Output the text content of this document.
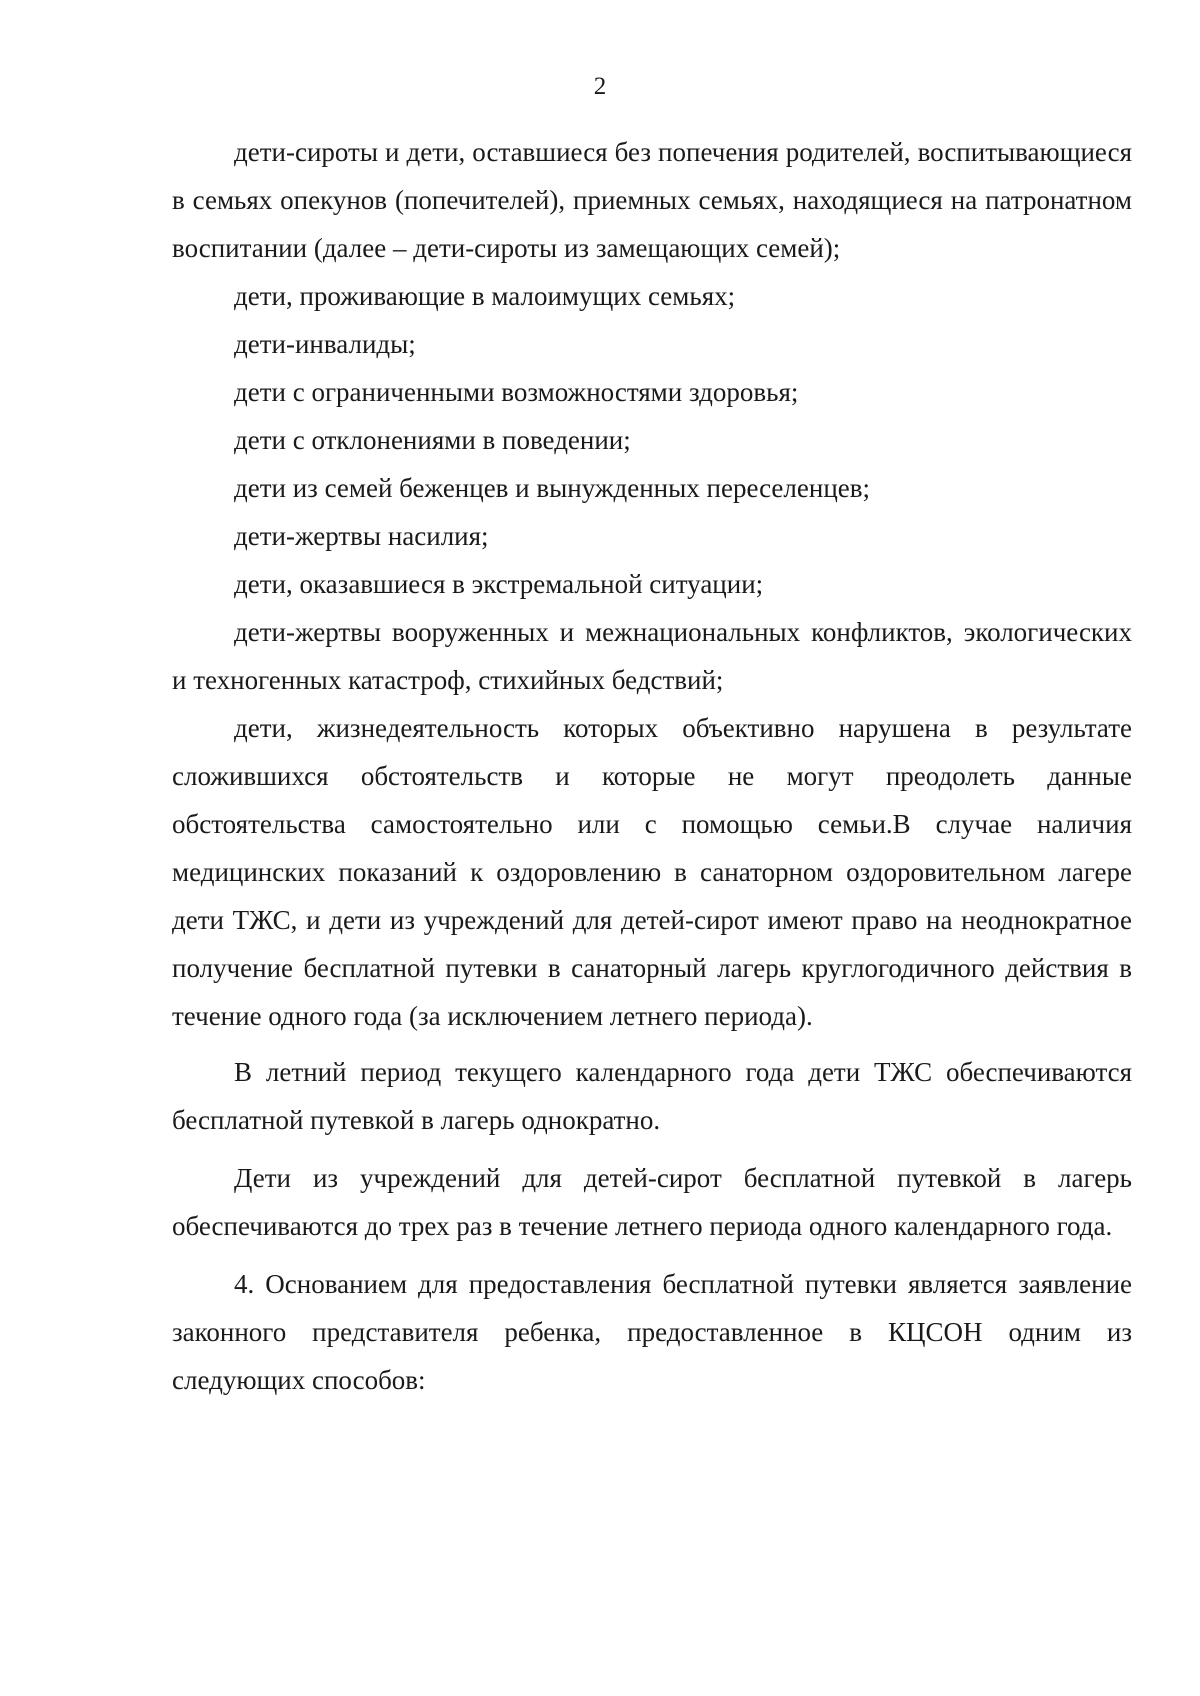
2

дети-сироты и дети, оставшиеся без попечения родителей, воспитывающиеся в семьях опекунов (попечителей), приемных семьях, находящиеся на патронатном воспитании (далее – дети-сироты из замещающих семей);

дети, проживающие в малоимущих семьях;

дети-инвалиды;

дети с ограниченными возможностями здоровья;

дети с отклонениями в поведении;

дети из семей беженцев и вынужденных переселенцев;

дети-жертвы насилия;

дети, оказавшиеся в экстремальной ситуации;

дети-жертвы вооруженных и межнациональных конфликтов, экологических и техногенных катастроф, стихийных бедствий;

дети, жизнедеятельность которых объективно нарушена в результате сложившихся обстоятельств и которые не могут преодолеть данные обстоятельства самостоятельно или с помощью семьи.В случае наличия медицинских показаний к оздоровлению в санаторном оздоровительном лагере дети ТЖС, и дети из учреждений для детей-сирот имеют право на неоднократное получение бесплатной путевки в санаторный лагерь круглогодичного действия в течение одного года (за исключением летнего периода).

В летний период текущего календарного года дети ТЖС обеспечиваются бесплатной путевкой в лагерь однократно.

Дети из учреждений для детей-сирот бесплатной путевкой в лагерь обеспечиваются до трех раз в течение летнего периода одного календарного года.

4. Основанием для предоставления бесплатной путевки является заявление законного представителя ребенка, предоставленное в КЦСОН одним из следующих способов:
